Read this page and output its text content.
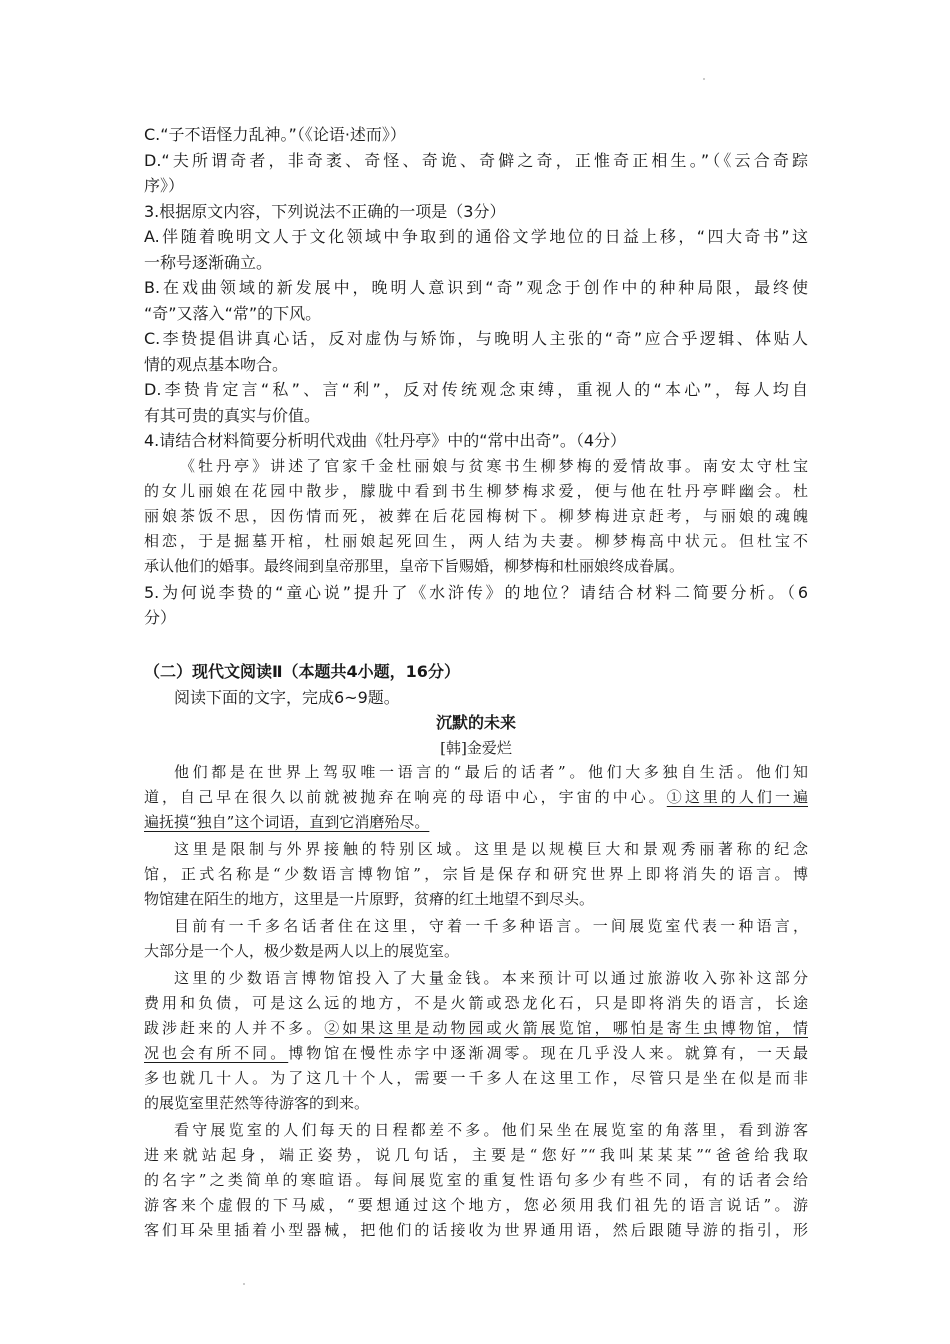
C.“子不语怪力乱神。”（《论语·述而》）
D.“夫所谓奇者，非奇袤、奇怪、奇诡、奇僻之奇，正惟奇正相生。”（《云合奇踪
序》）
3.根据原文内容，下列说法不正确的一项是（3分）
A.伴随着晚明文人于文化领域中争取到的通俗文学地位的日益上移，“四大奇书”这
一称号逐渐确立。
B.在戏曲领域的新发展中，晚明人意识到“奇”观念于创作中的种种局限，最终使
“奇”又落入“常”的下风。
C.李贽提倡讲真心话，反对虚伪与矫饰，与晚明人主张的“奇”应合乎逻辑、体贴人
情的观点基本吻合。
D.李贽肯定言“私”、言“利”，反对传统观念束缚，重视人的“本心”，每人均自
有其可贵的真实与价值。
4.请结合材料简要分析明代戏曲《牡丹亭》中的“常中出奇”。（4分）
《牡丹亭》讲述了官家千金杜丽娘与贫寒书生柳梦梅的爱情故事。南安太守杜宝
的女儿丽娘在花园中散步，朦胧中看到书生柳梦梅求爱，便与他在牡丹亭畔幽会。杜
丽娘茶饭不思，因伤情而死，被葬在后花园梅树下。柳梦梅进京赶考，与丽娘的魂魄
相恋，于是掘墓开棺，杜丽娘起死回生，两人结为夫妻。柳梦梅高中状元。但杜宝不
承认他们的婚事。最终闹到皇帝那里，皇帝下旨赐婚，柳梦梅和杜丽娘终成眷属。
5.为何说李贽的“童心说”提升了《水浒传》的地位？请结合材料二简要分析。（6
分）
（二）现代文阅读Ⅱ（本题共4小题，16分）
阅读下面的文字，完成6~9题。
沉默的未来
[韩]金爱烂
他们都是在世界上驾驭唯一语言的“最后的话者”。他们大多独自生活。他们知
道，自己早在很久以前就被抛弃在响亮的母语中心，宇宙的中心。①这里的人们一遍
遍抚摸“独自”这个词语，直到它消磨殆尽。
这里是限制与外界接触的特别区域。这里是以规模巨大和景观秀丽著称的纪念
馆，正式名称是“少数语言博物馆”，宗旨是保存和研究世界上即将消失的语言。博
物馆建在陌生的地方，这里是一片原野，贫瘠的红土地望不到尽头。
目前有一千多名话者住在这里，守着一千多种语言。一间展览室代表一种语言，
大部分是一个人，极少数是两人以上的展览室。
这里的少数语言博物馆投入了大量金钱。本来预计可以通过旅游收入弥补这部分
费用和负债，可是这么远的地方，不是火箭或恐龙化石，只是即将消失的语言，长途
跋涉赶来的人并不多。②如果这里是动物园或火箭展览馆，哪怕是寄生虫博物馆，情
况也会有所不同。博物馆在慢性赤字中逐渐凋零。现在几乎没人来。就算有，一天最
多也就几十人。为了这几十个人，需要一千多人在这里工作，尽管只是坐在似是而非
的展览室里茫然等待游客的到来。
看守展览室的人们每天的日程都差不多。他们呆坐在展览室的角落里，看到游客
进来就站起身，端正姿势，说几句话，主要是“您好”“我叫某某某”“爸爸给我取
的名字”之类简单的寒暄语。每间展览室的重复性语句多少有些不同，有的话者会给
游客来个虚假的下马威，“要想通过这个地方，您必须用我们祖先的语言说话”。游
客们耳朵里插着小型器械，把他们的话接收为世界通用语，然后跟随导游的指引，形
